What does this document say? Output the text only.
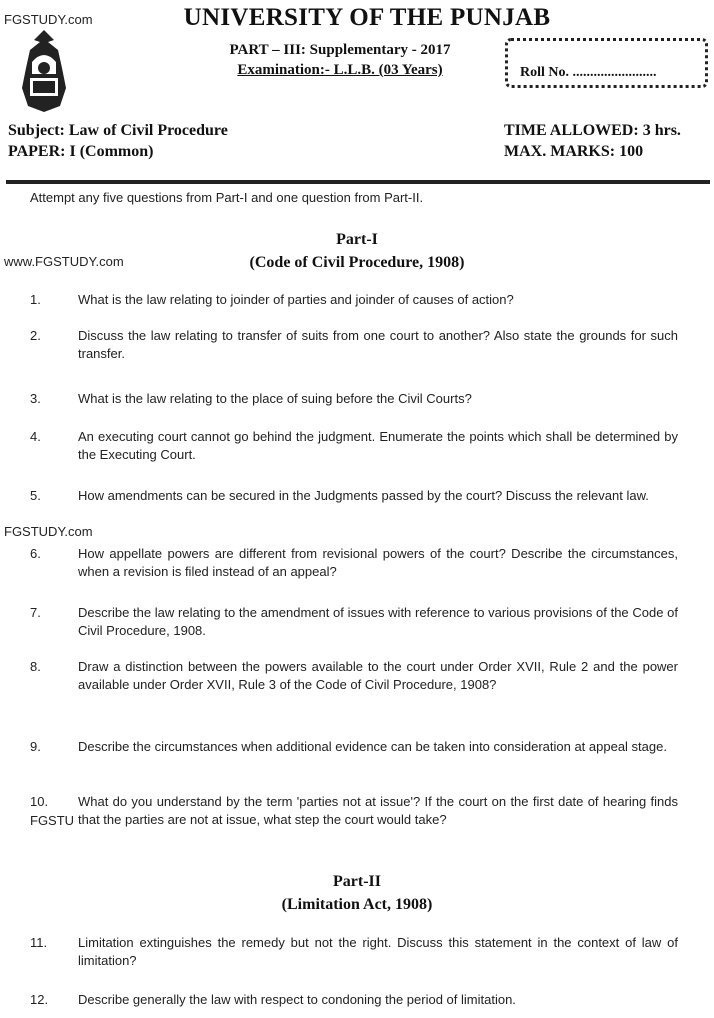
FGSTUDY.com
www.FGSTUDY.com
FGSTUDY.com
FGSTU
UNIVERSITY OF THE PUNJAB
PART – III: Supplementary - 2017
Examination:- L.L.B. (03 Years)	Roll No. ........................
Subject: Law of Civil Procedure
PAPER: I (Common)
TIME ALLOWED: 3 hrs.
MAX. MARKS: 100
Attempt any five questions from Part-I and one question from Part-II.
Part-I
(Code of Civil Procedure, 1908)
1.	What is the law relating to joinder of parties and joinder of causes of action?
2.	Discuss the law relating to transfer of suits from one court to another? Also state the grounds for such transfer.
3.	What is the law relating to the place of suing before the Civil Courts?
4.	An executing court cannot go behind the judgment. Enumerate the points which shall be determined by the Executing Court.
5.	How amendments can be secured in the Judgments passed by the court? Discuss the relevant law.
6.	How appellate powers are different from revisional powers of the court? Describe the circumstances, when a revision is filed instead of an appeal?
7.	Describe the law relating to the amendment of issues with reference to various provisions of the Code of Civil Procedure, 1908.
8.	Draw a distinction between the powers available to the court under Order XVII, Rule 2 and the power available under Order XVII, Rule 3 of the Code of Civil Procedure, 1908?
9.	Describe the circumstances when additional evidence can be taken into consideration at appeal stage.
10. What do you understand by the term 'parties not at issue'? If the court on the first date of hearing finds that the parties are not at issue, what step the court would take?
Part-II
(Limitation Act, 1908)
11. Limitation extinguishes the remedy but not the right. Discuss this statement in the context of law of limitation?
12. Describe generally the law with respect to condoning the period of limitation.
